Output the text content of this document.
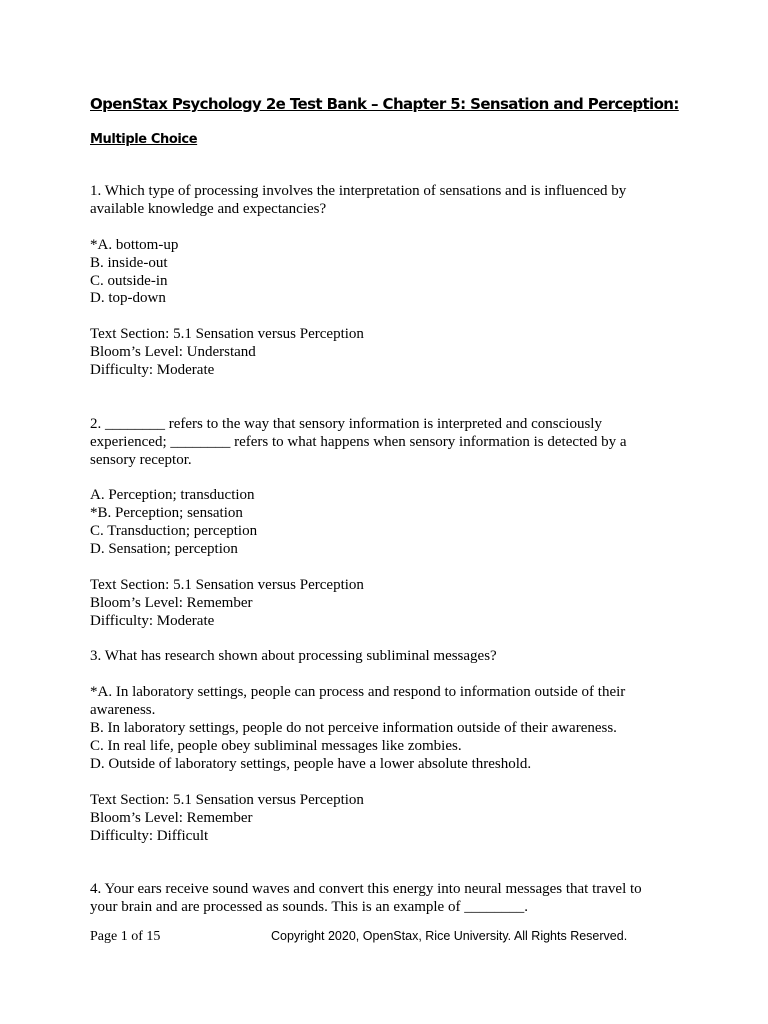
OpenStax Psychology 2e Test Bank – Chapter 5: Sensation and Perception:
Multiple Choice

1. Which type of processing involves the interpretation of sensations and is influenced by available knowledge and expectancies?

*A. bottom-up

B. inside-out

C. outside-in

D. top-down

Text Section: 5.1 Sensation versus Perception

Bloom’s Level: Understand

Difficulty: Moderate

2. ________ refers to the way that sensory information is interpreted and consciously experienced; ________ refers to what happens when sensory information is detected by a sensory receptor.

A. Perception; transduction

*B. Perception; sensation

C. Transduction; perception

D. Sensation; perception

Text Section: 5.1 Sensation versus Perception

Bloom’s Level: Remember

Difficulty: Moderate

3. What has research shown about processing subliminal messages?

*A. In laboratory settings, people can process and respond to information outside of their awareness.

B. In laboratory settings, people do not perceive information outside of their awareness.

C. In real life, people obey subliminal messages like zombies.

D. Outside of laboratory settings, people have a lower absolute threshold.

Text Section: 5.1 Sensation versus Perception

Bloom’s Level: Remember

Difficulty: Difficult

4. Your ears receive sound waves and convert this energy into neural messages that travel to your brain and are processed as sounds. This is an example of ________.

Page 1 of 15	Copyright 2020, OpenStax, Rice University. All Rights Reserved.
